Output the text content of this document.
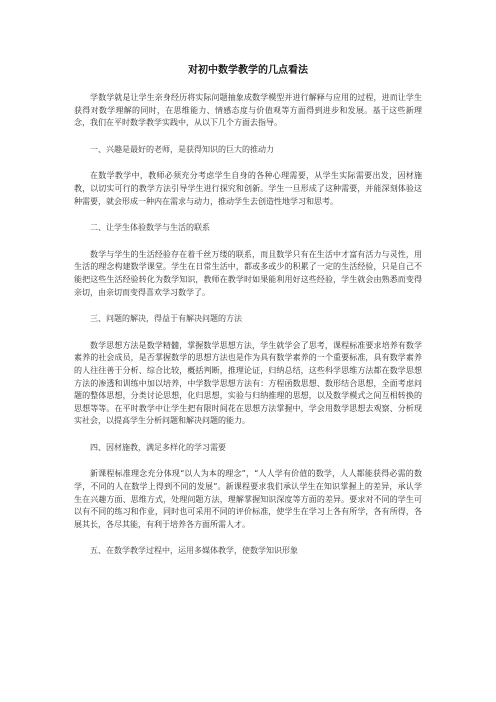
对初中数学教学的几点看法

学数学就是让学生亲身经历将实际问题抽象成数学模型并进行解释与应用的过程，进而让学生获得对数学理解的同时，在思维能力、情感态度与价值观等方面得到进步和发展。基于这些新理念，我们在平时数学教学实践中，从以下几个方面去指导。

一、兴趣是最好的老师，是获得知识的巨大的推动力

在数学教学中，教师必须充分考虑学生自身的各种心理需要，从学生实际需要出发，因材施教，以切实可行的教学方法引导学生进行探究和创新。学生一旦形成了这种需要，并能深刻体验这种需要，就会形成一种内在需求与动力，推动学生去创造性地学习和思考。

二、让学生体验数学与生活的联系

数学与学生的生活经验存在着千丝万缕的联系，而且数学只有在生活中才富有活力与灵性，用生活的理念构建数学课堂。学生在日常生活中，都或多或少的积累了一定的生活经验，只是自己不能把这些生活经验转化为数学知识，教师在教学时如果能利用好这些经验，学生就会由熟悉而变得亲切，由亲切而变得喜欢学习数学了。

三、问题的解决，得益于有解决问题的方法

数学思想方法是数学精髓，掌握数学思想方法，学生就学会了思考，课程标准要求培养有数学素养的社会成员，是否掌握数学的思想方法也是作为具有数学素养的一个重要标准，具有数学素养的人往往善于分析、综合比较，概括判断，推理论证，归纳总结，这些科学思维方法都在数学思想方法的渗透和训练中加以培养，中学数学思想方法有：方程函数思想、数形结合思想，全面考虑问题的整体思想，分类讨论思想，化归思想，实验与归纳推理的思想，以及数学模式之间互相转换的思想等等。在平时教学中让学生把有限时间花在思想方法掌握中，学会用数学思想去观察、分析现实社会，以提高学生分析问题和解决问题的能力。

四、因材施教，满足多样化的学习需要

新课程标准理念充分体现“以人为本的理念”，“人人学有价值的数学，人人都能获得必需的数学，不同的人在数学上得到不同的发展”。新课程要求我们承认学生在知识掌握上的差异，承认学生在兴趣方面、思维方式，处理问题方法，理解掌握知识深度等方面的差异。要求对不同的学生可以有不同的练习和作业，同时也可采用不同的评价标准，使学生在学习上各有所学，各有所得，各展其长，各尽其能，有利于培养各方面所需人才。

五、在数学教学过程中，运用多媒体教学，使数学知识形象
